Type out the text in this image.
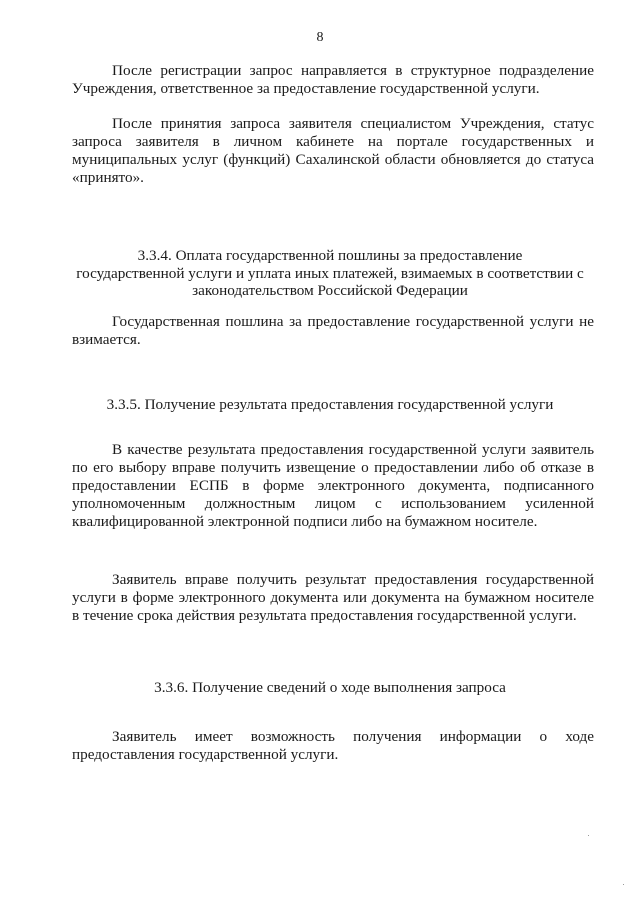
8
После регистрации запрос направляется в структурное подразделение
Учреждения, ответственное за предоставление государственной услуги.
После принятия запроса заявителя специалистом Учреждения, статус
запроса заявителя в личном кабинете на портале государственных и
муниципальных услуг (функций) Сахалинской области обновляется до статуса
«принято».
3.3.4. Оплата государственной пошлины за предоставление
государственной услуги и уплата иных платежей, взимаемых в соответствии с
законодательством Российской Федерации
Государственная пошлина за предоставление государственной услуги не
взимается.
3.3.5. Получение результата предоставления государственной услуги
В качестве результата предоставления государственной услуги заявитель
по его выбору вправе получить извещение о предоставлении либо об отказе в
предоставлении ЕСПБ в форме электронного документа, подписанного
уполномоченным должностным лицом с использованием усиленной
квалифицированной электронной подписи либо на бумажном носителе.
Заявитель вправе получить результат предоставления государственной
услуги в форме электронного документа или документа на бумажном носителе
в течение срока действия результата предоставления государственной услуги.
3.3.6. Получение сведений о ходе выполнения запроса
Заявитель имеет возможность получения информации о ходе
предоставления государственной услуги.
